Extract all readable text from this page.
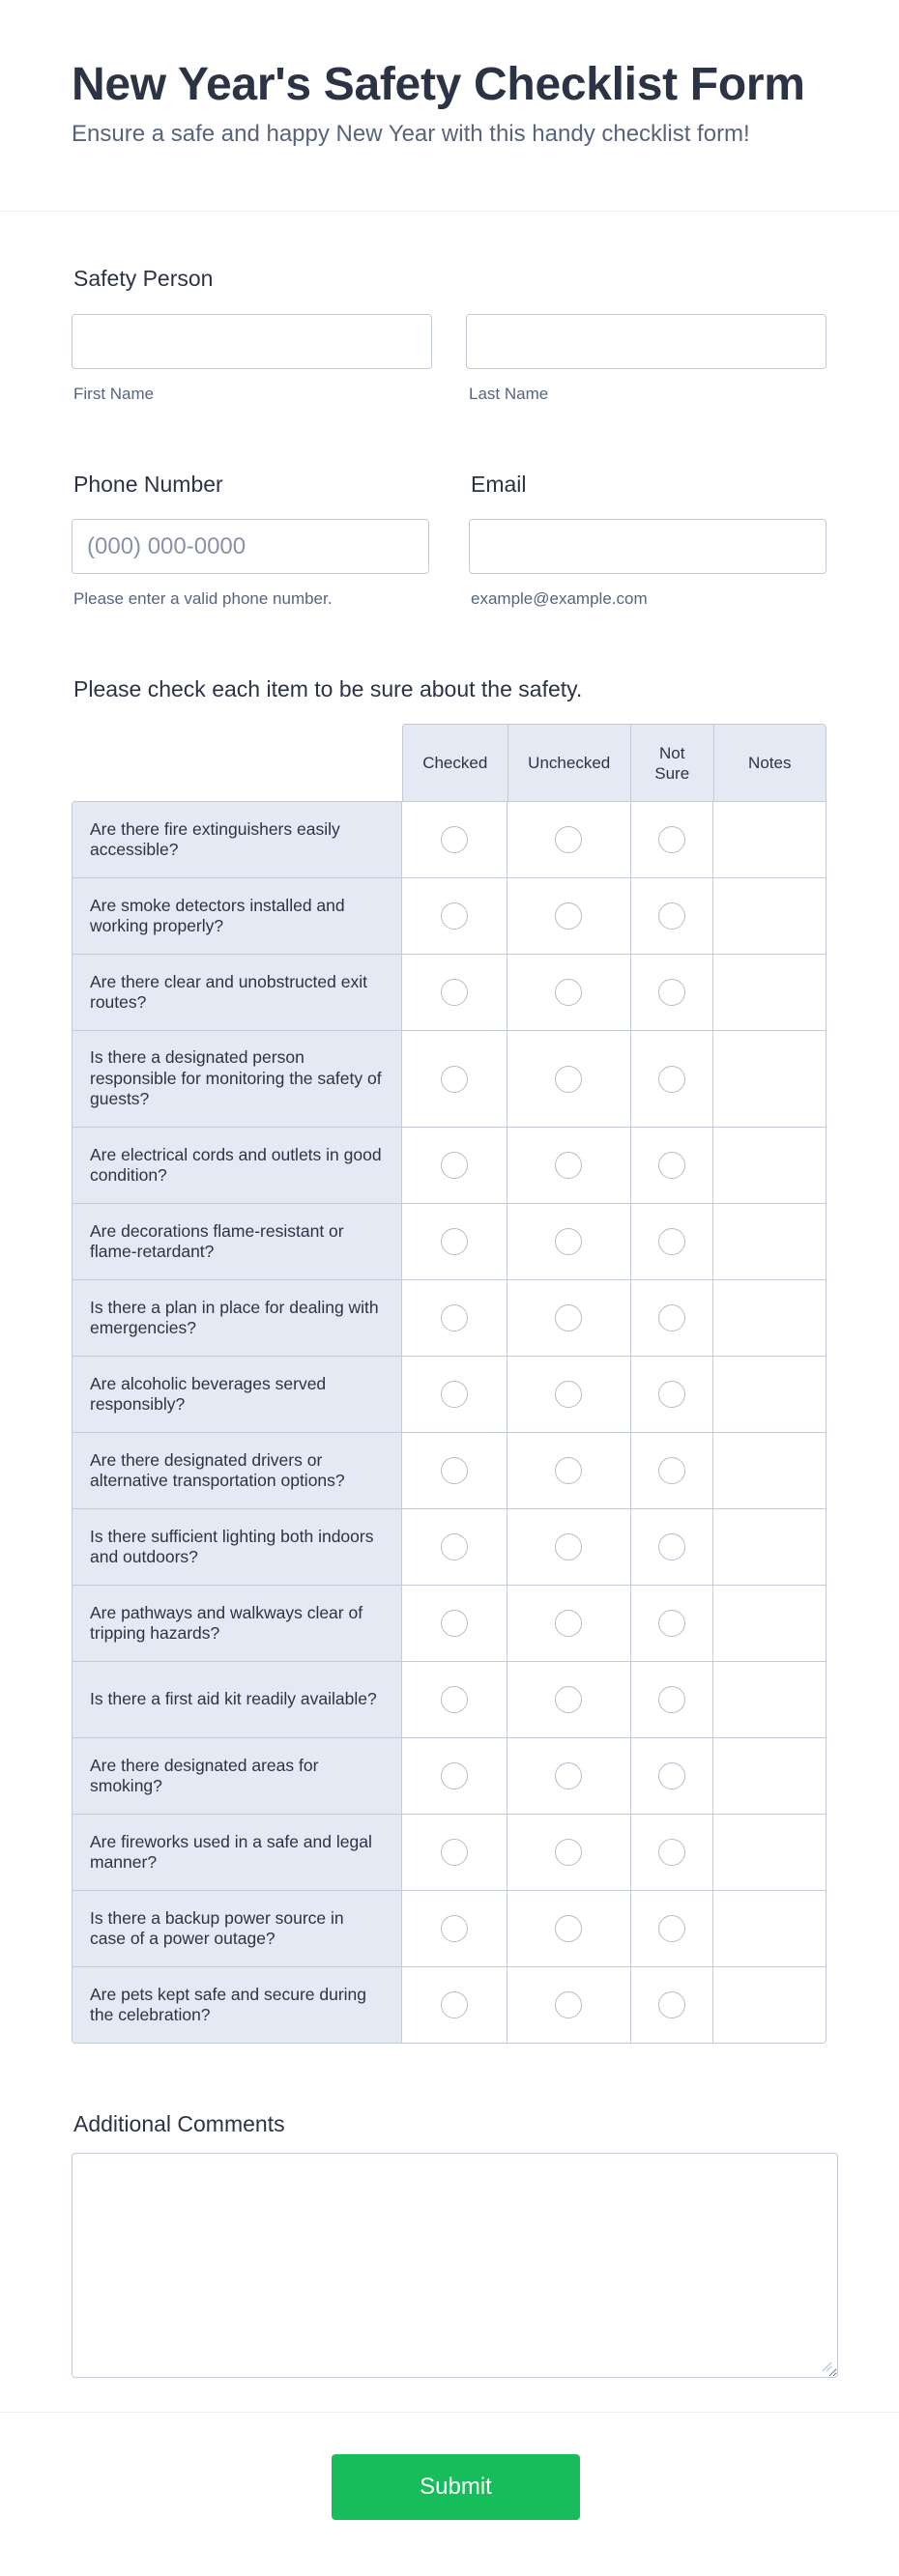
New Year's Safety Checklist Form
Ensure a safe and happy New Year with this handy checklist form!
Safety Person
First Name	Last Name
Phone Number
(000) 000-0000
Please enter a valid phone number.
Email
example@example.com
Please check each item to be sure about the safety.
Checked	Unchecked
Not
Sure
Notes
Are there fire extinguishers easily accessible?
Are smoke detectors installed and working properly?
Are there clear and unobstructed exit routes?
Is there a designated person responsible for monitoring the safety of guests?
Are electrical cords and outlets in good condition?
Are decorations flame-resistant or flame-retardant?
Is there a plan in place for dealing with emergencies?
Are alcoholic beverages served responsibly?
Are there designated drivers or alternative transportation options?
Is there sufficient lighting both indoors and outdoors?
Are pathways and walkways clear of tripping hazards?
Is there a first aid kit readily available?
Are there designated areas for smoking?
Are fireworks used in a safe and legal manner?
Is there a backup power source in case of a power outage?
Are pets kept safe and secure during the celebration?
Additional Comments
Submit
